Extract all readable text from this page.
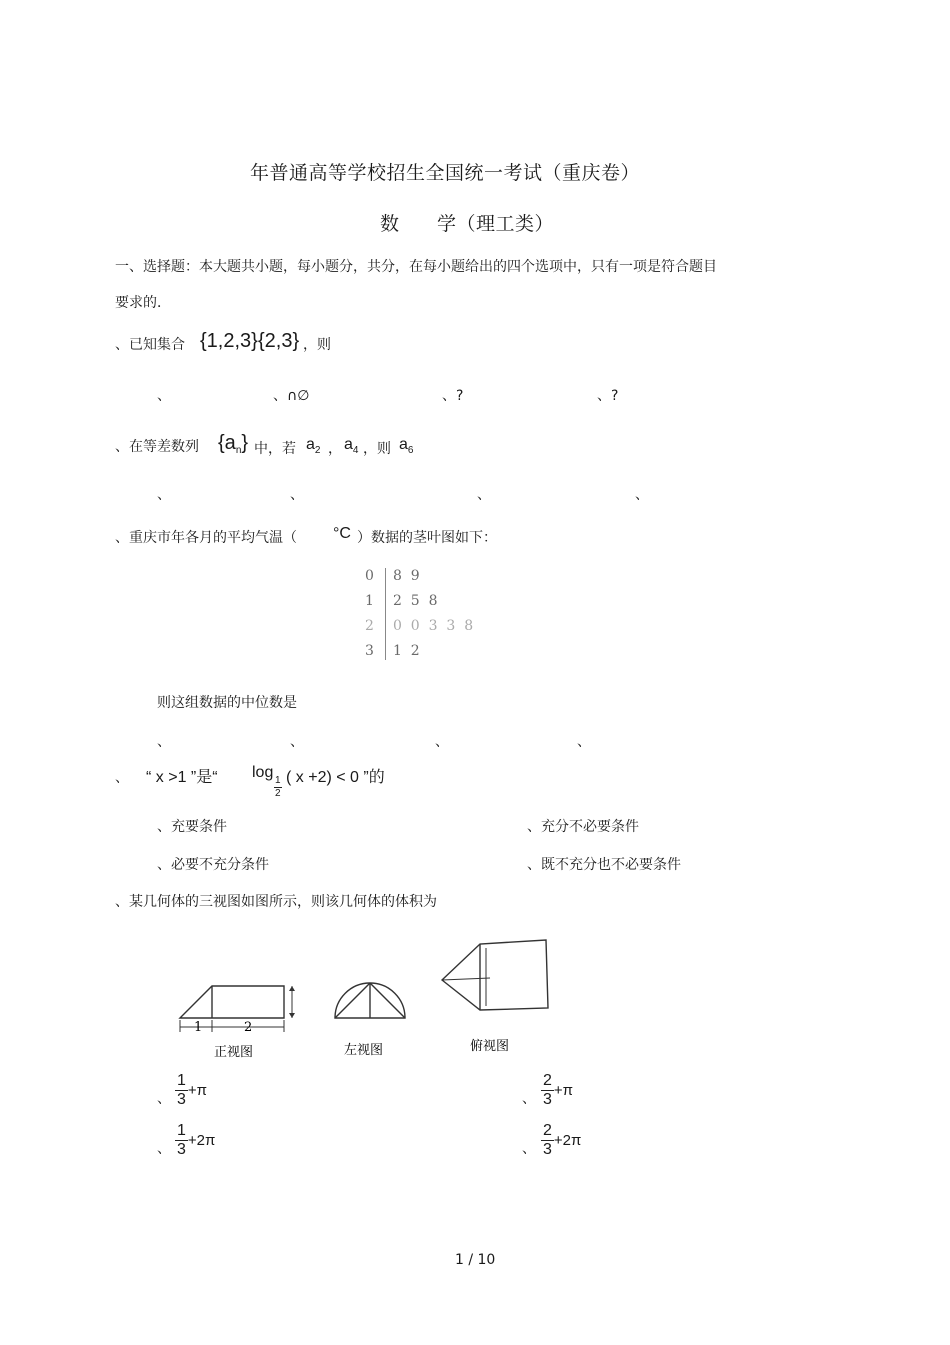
年普通高等学校招生全国统一考试（重庆卷）
数 学（理工类）
一、选择题：本大题共小题，每小题分，共分，在每小题给出的四个选项中，只有一项是符合题目
要求的．
、已知集合 {1,2,3} {2,3} ，则
、	、∩∅	、?	、?
、在等差数列 $\{a_n\}$ 中，若 $a_2$ ， $a_4$ ，则 $a_6$
、	、	、	、
、重庆市年各月的平均气温（ °C ）数据的茎叶图如下：
0 8  9
1 2  5  8
2 0  0  3  3  8
3 1  2
则这组数据的中位数是
、	、	、	、
、 “ x >1 ”是“ log 1
2
( x +2) < 0 ”的
、充要条件	、充分不必要条件
、必要不充分条件	、既不充分也不必要条件
、某几何体的三视图如图所示，则该几何体的体积为
1	2
正视图	左视图	俯视图
、 $\frac{1}{3} +\pi$	、 $\frac{2}{3} +\pi$
、 $\frac{1}{3} +2\pi$	、 $\frac{2}{3} +2\pi$
1 / 10
